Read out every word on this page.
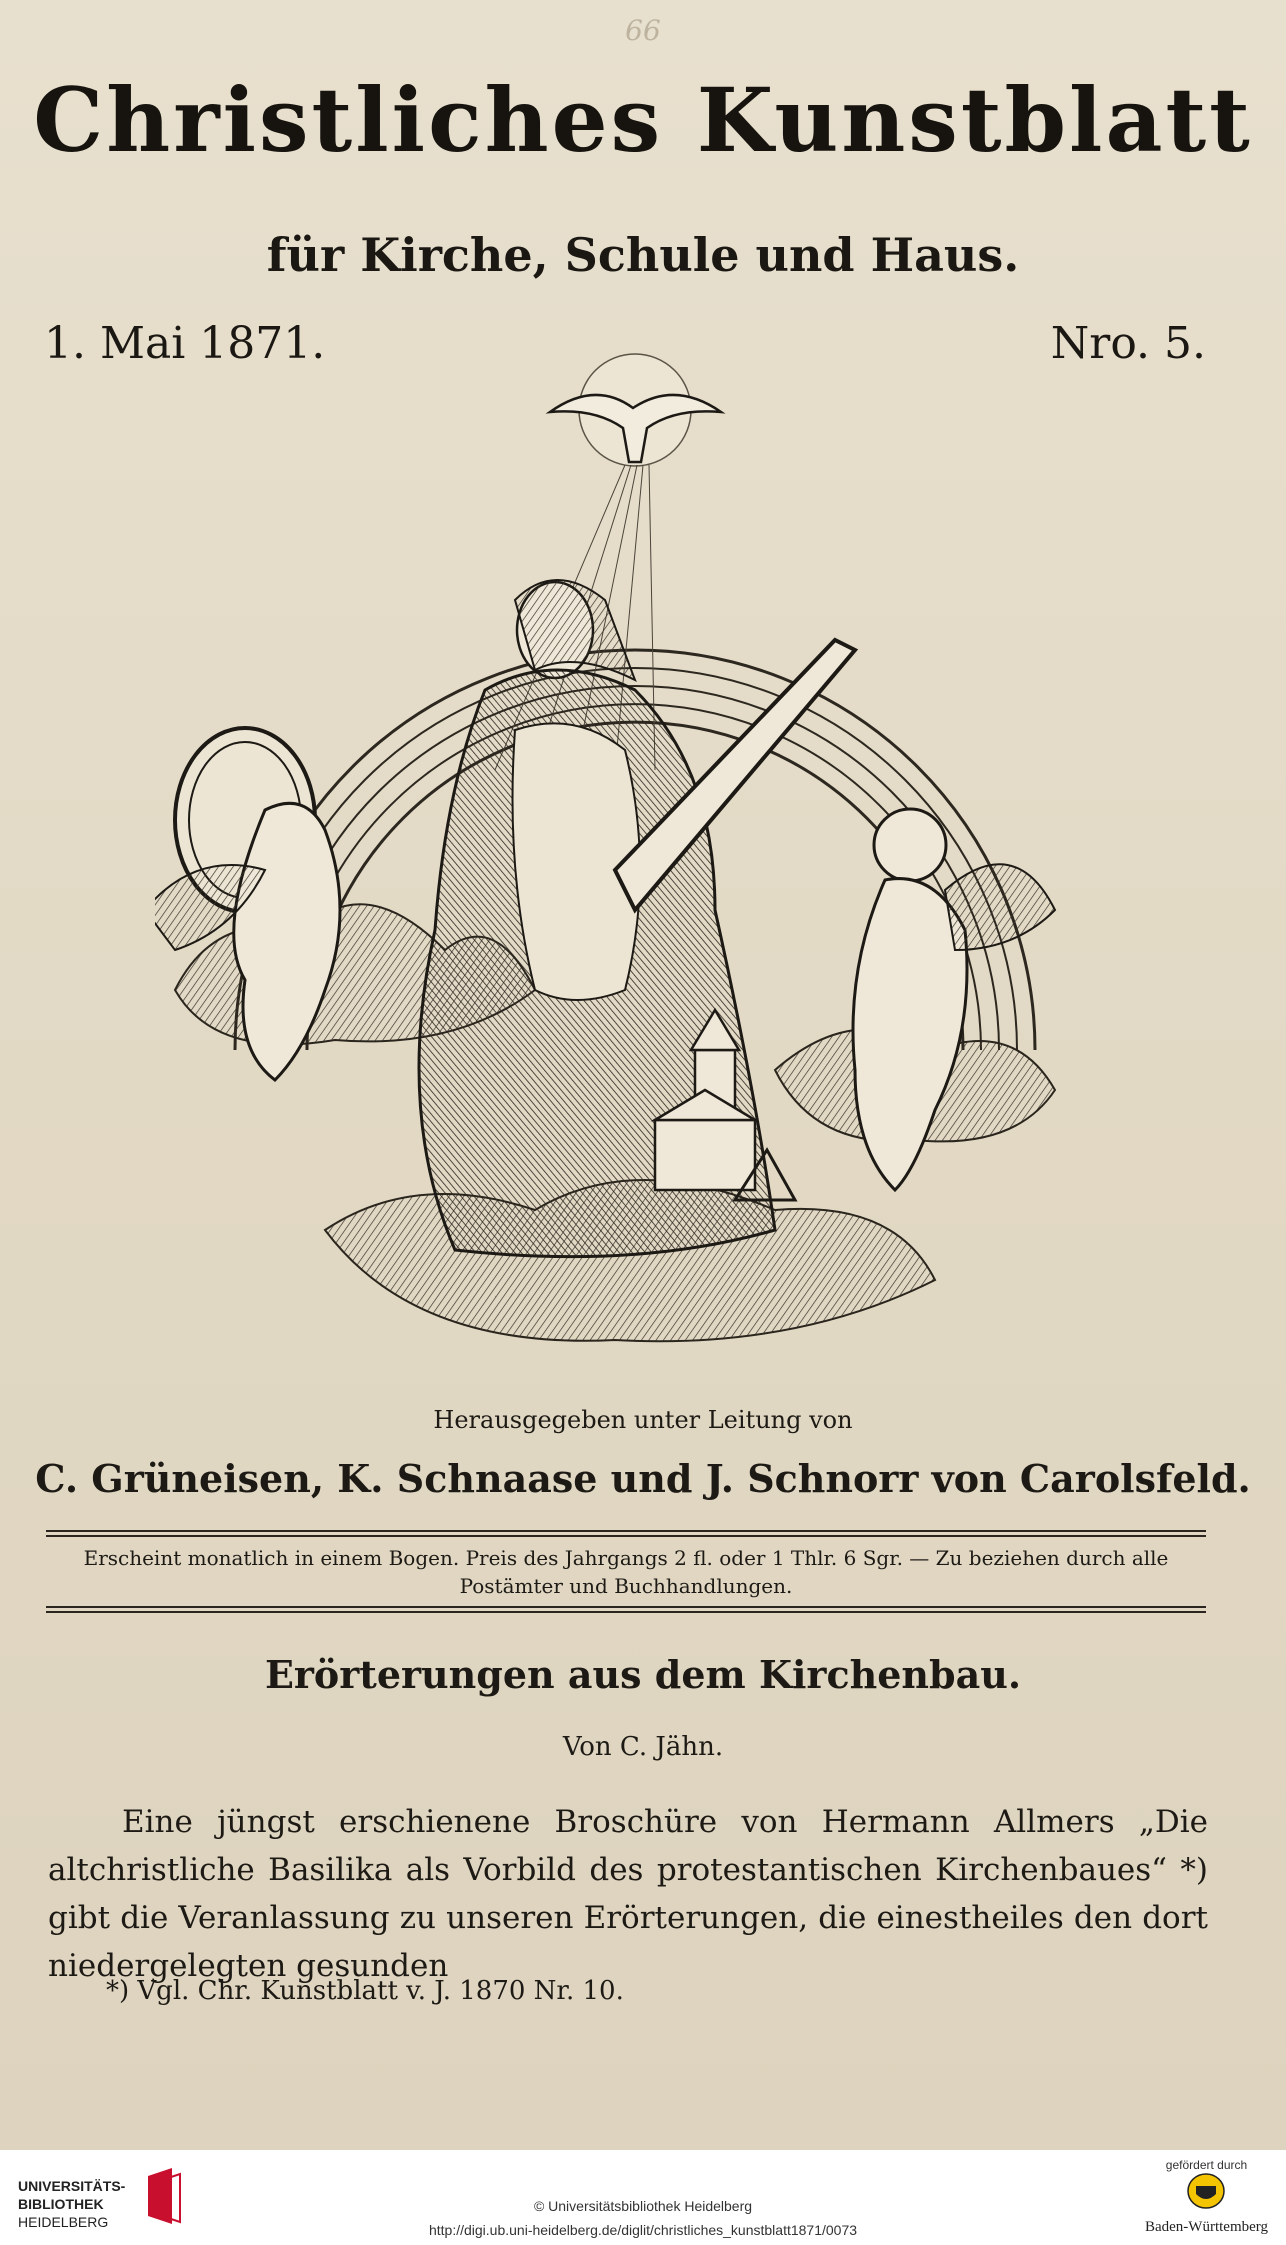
66
Christliches Kunstblatt
für Kirche, Schule und Haus.
1. Mai 1871.	Nro. 5.
Herausgegeben unter Leitung von
C. Grüneisen, K. Schnaase und J. Schnorr von Carolsfeld.
Erscheint monatlich in einem Bogen. Preis des Jahrgangs 2 fl. oder 1 Thlr. 6 Sgr. — Zu beziehen durch alle Postämter und Buchhandlungen.
Erörterungen aus dem Kirchenbau.
Von C. Jähn.
Eine jüngst erschienene Broschüre von Hermann Allmers „Die altchristliche Basilika als Vorbild des protestantischen Kirchenbaues“ *) gibt die Veranlassung zu unseren Erörterungen, die einestheiles den dort niedergelegten gesunden
*) Vgl. Chr. Kunstblatt v. J. 1870 Nr. 10.
UNIVERSITÄTS-
BIBLIOTHEK
HEIDELBERG
© Universitätsbibliothek Heidelberg
http://digi.ub.uni-heidelberg.de/diglit/christliches_kunstblatt1871/0073
gefördert durch
Baden-Württemberg
